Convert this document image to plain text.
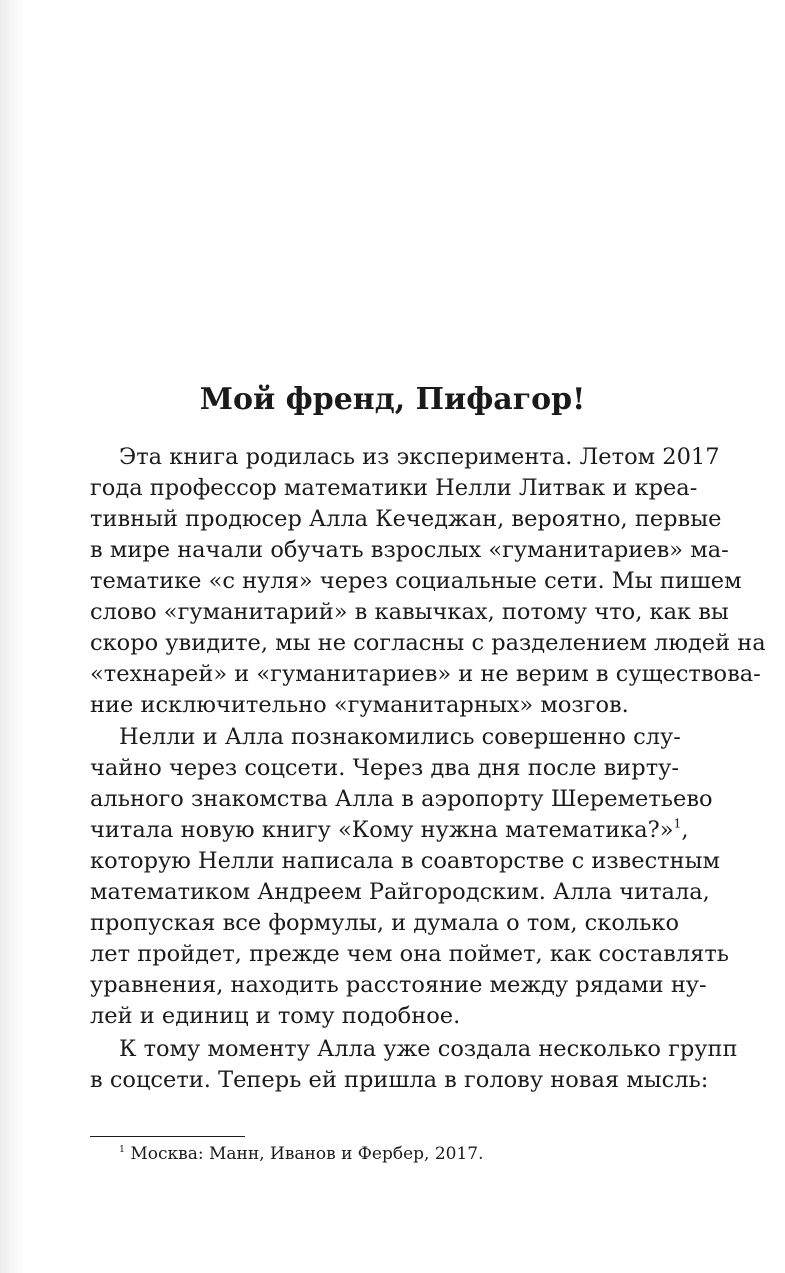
Мой френд, Пифагор!
Эта книга родилась из эксперимента. Летом 2017
года профессор математики Нелли Литвак и креа-
тивный продюсер Алла Кечеджан, вероятно, первые
в мире начали обучать взрослых «гуманитариев» ма-
тематике «с нуля» через социальные сети. Мы пишем
слово «гуманитарий» в кавычках, потому что, как вы
скоро увидите, мы не согласны с разделением людей на
«технарей» и «гуманитариев» и не верим в существова-
ние исключительно «гуманитарных» мозгов.
Нелли и Алла познакомились совершенно слу-
чайно через соцсети. Через два дня после вирту-
ального знакомства Алла в аэропорту Шереметьево
читала новую книгу «Кому нужна математика?»$^1$,
которую Нелли написала в соавторстве с известным
математиком Андреем Райгородским. Алла читала,
пропуская все формулы, и думала о том, сколько
лет пройдет, прежде чем она поймет, как составлять
уравнения, находить расстояние между рядами ну-
лей и единиц и тому подобное.
К тому моменту Алла уже создала несколько групп
в соцсети. Теперь ей пришла в голову новая мысль:
$^1$ Москва: Манн, Иванов и Фербер, 2017.
